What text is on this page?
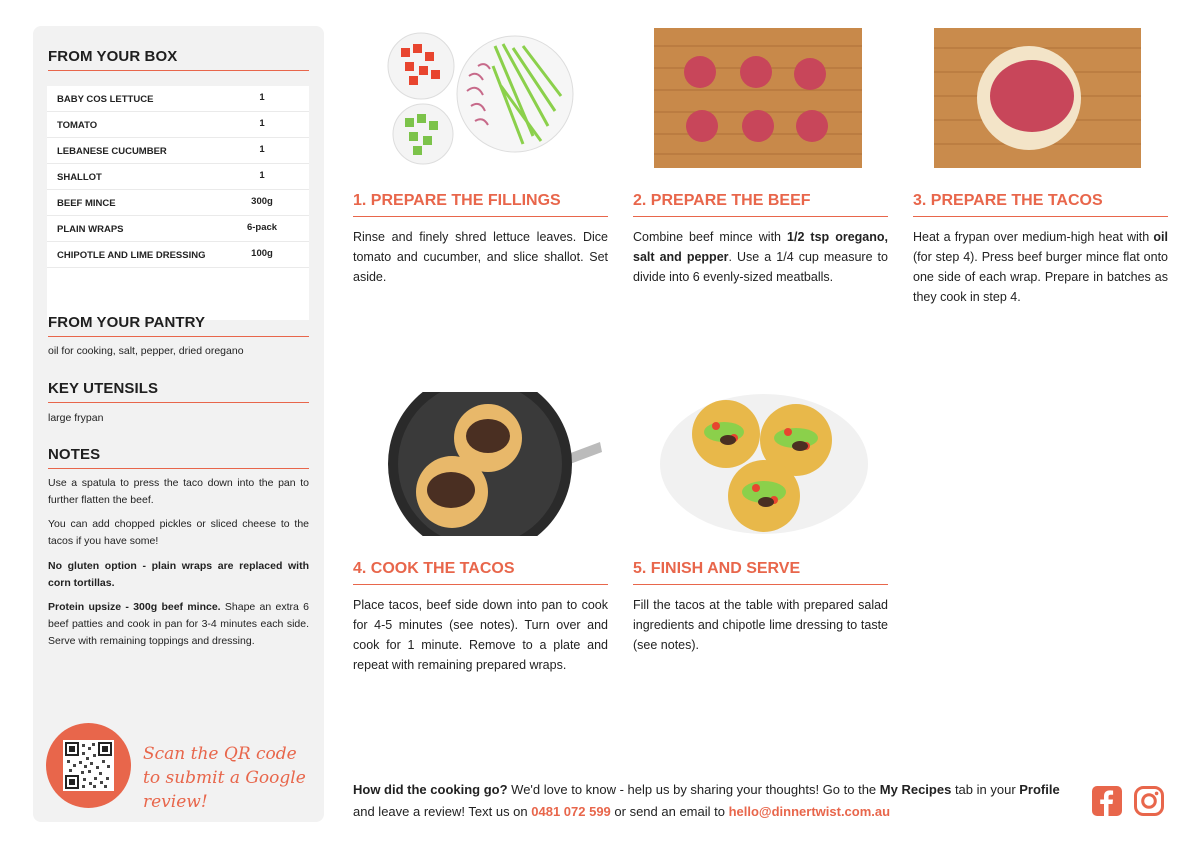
FROM YOUR BOX
BABY COS LETTUCE	1
TOMATO	1
LEBANESE CUCUMBER	1
SHALLOT	1
BEEF MINCE	300g
PLAIN WRAPS	6-pack
CHIPOTLE AND LIME DRESSING	100g
FROM YOUR PANTRY
oil for cooking, salt, pepper, dried oregano
KEY UTENSILS
large frypan
NOTES
Use a spatula to press the taco down into the pan to further flatten the beef.
You can add chopped pickles or sliced cheese to the tacos if you have some!
No gluten option - plain wraps are replaced with corn tortillas.
Protein upsize - 300g beef mince. Shape an extra 6 beef patties and cook in pan for 3-4 minutes each side. Serve with remaining toppings and dressing.
Scan the QR code to submit a Google review!
1. PREPARE THE FILLINGS
Rinse and finely shred lettuce leaves. Dice tomato and cucumber, and slice shallot. Set aside.
2. PREPARE THE BEEF
Combine beef mince with 1/2 tsp oregano, salt and pepper. Use a 1/4 cup measure to divide into 6 evenly-sized meatballs.
3. PREPARE THE TACOS
Heat a frypan over medium-high heat with oil (for step 4). Press beef burger mince flat onto one side of each wrap. Prepare in batches as they cook in step 4.
4. COOK THE TACOS
Place tacos, beef side down into pan to cook for 4-5 minutes (see notes). Turn over and cook for 1 minute. Remove to a plate and repeat with remaining prepared wraps.
5. FINISH AND SERVE
Fill the tacos at the table with prepared salad ingredients and chipotle lime dressing to taste (see notes).
How did the cooking go? We'd love to know - help us by sharing your thoughts! Go to the My Recipes tab in your Profile and leave a review! Text us on 0481 072 599 or send an email to hello@dinnertwist.com.au
